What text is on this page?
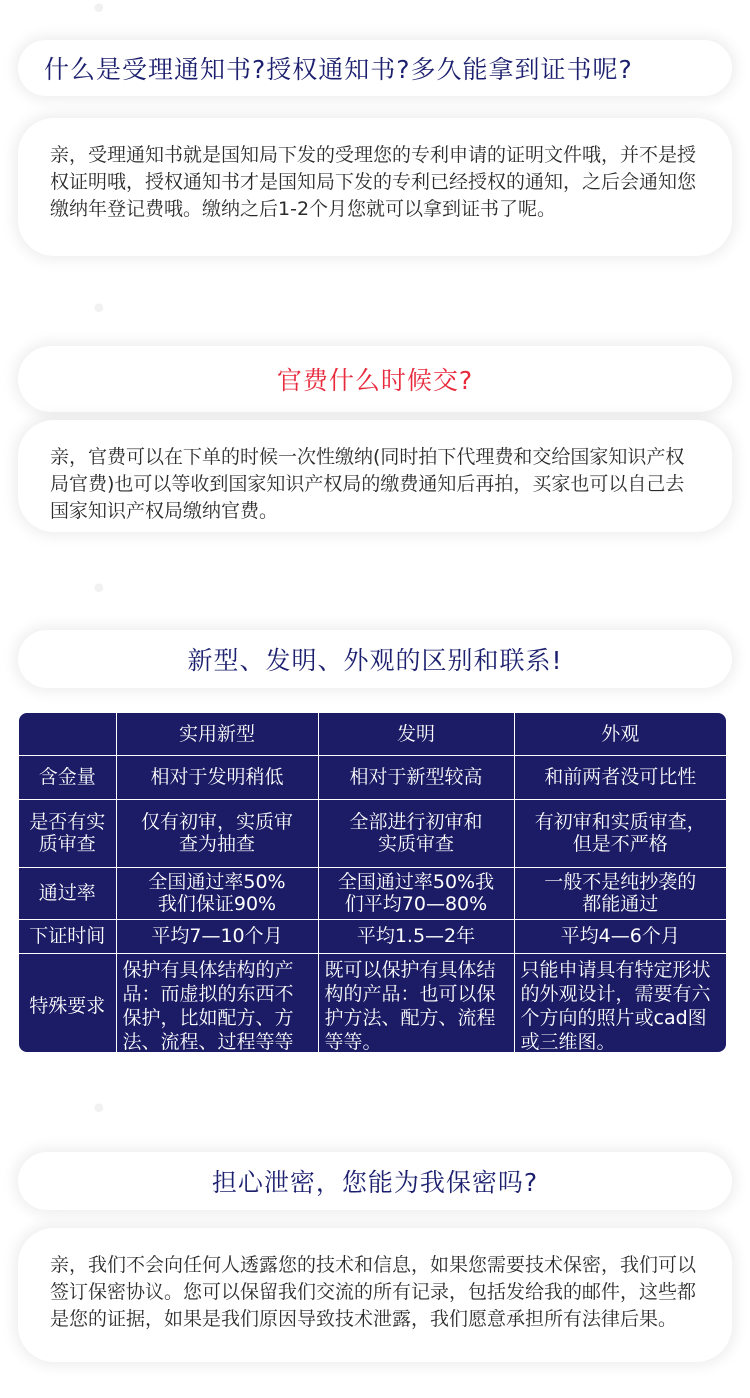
•
•
•
•
什么是受理通知书?授权通知书?多久能拿到证书呢?

亲，受理通知书就是国知局下发的受理您的专利申请的证明文件哦，并不是授权证明哦，授权通知书才是国知局下发的专利已经授权的通知，之后会通知您缴纳年登记费哦。缴纳之后1-2个月您就可以拿到证书了呢。

官费什么时候交?

亲，官费可以在下单的时候一次性缴纳(同时拍下代理费和交给国家知识产权局官费)也可以等收到国家知识产权局的缴费通知后再拍，买家也可以自己去国家知识产权局缴纳官费。

新型、发明、外观的区别和联系!
	实用新型	发明	外观
含金量	相对于发明稍低	相对于新型较高	和前两者没可比性
是否有实质审查	仅有初审，实质审查为抽查	全部进行初审和实质审查	有初审和实质审查，但是不严格
通过率	全国通过率50%我们保证90%	全国通过率50%我们平均70—80%	一般不是纯抄袭的都能通过
下证时间	平均7—10个月	平均1.5—2年	平均4—6个月
特殊要求	保护有具体结构的产品：而虚拟的东西不保护，比如配方、方法、流程、过程等等	既可以保护有具体结构的产品：也可以保护方法、配方、流程等等。	只能申请具有特定形状的外观设计，需要有六个方向的照片或cad图或三维图。
担心泄密，您能为我保密吗?

亲，我们不会向任何人透露您的技术和信息，如果您需要技术保密，我们可以签订保密协议。您可以保留我们交流的所有记录，包括发给我的邮件，这些都是您的证据，如果是我们原因导致技术泄露，我们愿意承担所有法律后果。
